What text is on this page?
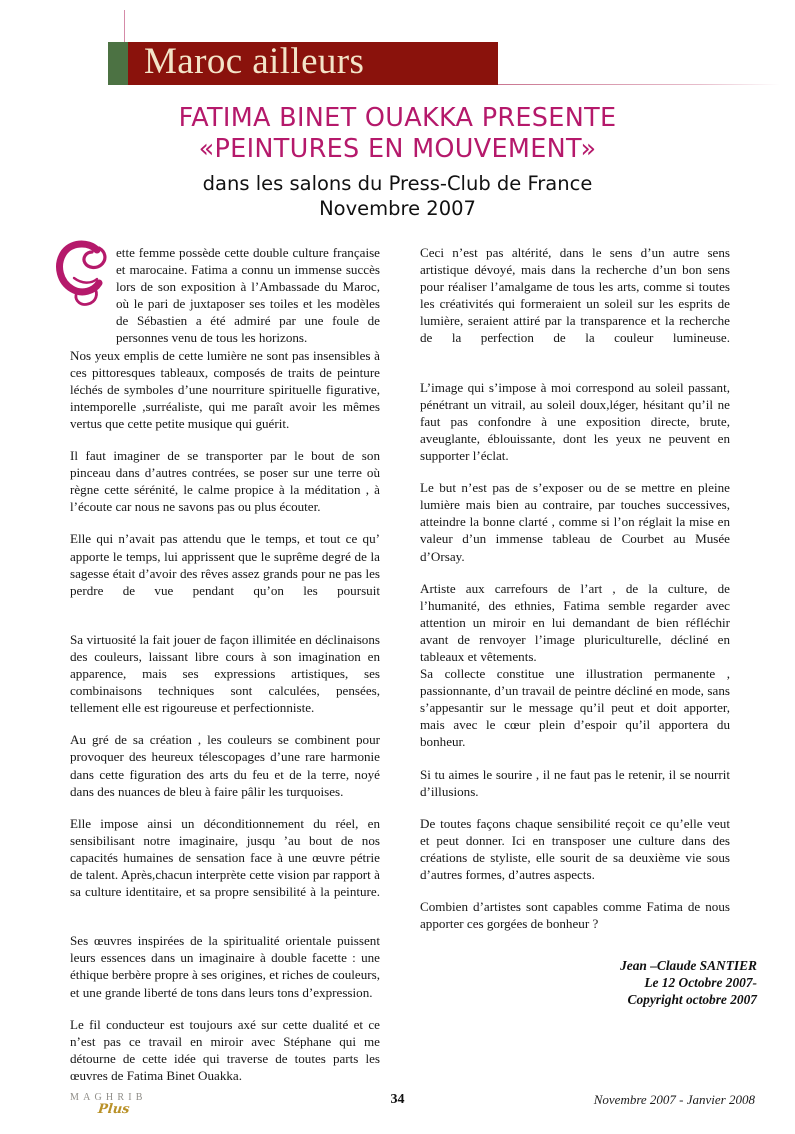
Maroc ailleurs
FATIMA BINET OUAKKA PRESENTE
«PEINTURES EN MOUVEMENT»
dans les salons du Press-Club de France
Novembre 2007
ette femme possède cette double culture française et marocaine. Fatima a connu un immense succès lors de son exposition à l’Ambassade du Maroc, où le pari de juxtaposer ses toiles et les modèles de Sébastien a été admiré par une foule de personnes venu de tous les horizons.

Nos yeux emplis de cette lumière ne sont pas insensibles à ces pittoresques tableaux, composés de traits de peinture léchés de symboles d’une nourriture spirituelle figurative, intemporelle ,surréaliste, qui me paraît avoir les mêmes vertus que cette petite musique qui guérit.

Il faut imaginer de se transporter par le bout de son pinceau dans d’autres contrées, se poser sur une terre où règne cette sérénité, le calme propice à la méditation , à l’écoute car nous ne savons pas ou plus écouter.

Elle qui n’avait pas attendu que le temps, et tout ce qu’ apporte le temps, lui apprissent que le suprême degré de la sagesse était d’avoir des rêves assez grands pour ne pas les perdre de vue pendant qu’on les poursuit

Sa virtuosité la fait jouer de façon illimitée en déclinaisons des couleurs, laissant libre cours à son imagination en apparence, mais ses expressions artistiques, ses combinaisons techniques sont calculées, pensées, tellement elle est rigoureuse et perfectionniste.

Au gré de sa création , les couleurs se combinent pour provoquer des heureux télescopages d’une rare harmonie dans cette figuration des arts du feu et de la terre, noyé dans des nuances de bleu à faire pâlir les turquoises.

Elle impose ainsi un déconditionnement du réel, en sensibilisant notre imaginaire, jusqu ’au bout de nos capacités humaines de sensation face à une œuvre pétrie de talent. Après,chacun interprète cette vision par rapport à sa culture identitaire, et sa propre sensibilité à la peinture.

Ses œuvres inspirées de la spiritualité orientale puissent leurs essences dans un imaginaire à double facette : une éthique berbère propre à ses origines, et riches de couleurs, et une grande liberté de tons dans leurs tons d’expression.

Le fil conducteur est toujours axé sur cette dualité et ce n’est pas ce travail en miroir avec Stéphane qui me détourne de cette idée qui traverse de toutes parts les œuvres de Fatima Binet Ouakka.

Ceci n’est pas altérité, dans le sens d’un autre sens artistique dévoyé, mais dans la recherche d’un bon sens pour réaliser l’amalgame de tous les arts, comme si toutes les créativités qui formeraient un soleil sur les esprits de lumière, seraient attiré par la transparence et la recherche de la perfection de la couleur lumineuse.

L’image qui s’impose à moi correspond au soleil passant, pénétrant un vitrail, au soleil doux,léger, hésitant qu’il ne faut pas confondre à une exposition directe, brute, aveuglante, éblouissante, dont les yeux ne peuvent en supporter l’éclat.

Le but n’est pas de s’exposer ou de se mettre en pleine lumière mais bien au contraire, par touches successives, atteindre la bonne clarté , comme si l’on réglait la mise en valeur d’un immense tableau de Courbet au Musée d’Orsay.

Artiste aux carrefours de l’art , de la culture, de l’humanité, des ethnies, Fatima semble regarder avec attention un miroir en lui demandant de bien réfléchir avant de renvoyer l’image pluriculturelle, décliné en tableaux et vêtements.

Sa collecte constitue une illustration permanente , passionnante, d’un travail de peintre décliné en mode, sans s’appesantir sur le message qu’il peut et doit apporter, mais avec le cœur plein d’espoir qu’il apportera du bonheur.

Si tu aimes le sourire , il ne faut pas le retenir, il se nourrit d’illusions.

De toutes façons chaque sensibilité reçoit ce qu’elle veut et peut donner. Ici en transposer une culture dans des créations de styliste, elle sourit de sa deuxième vie sous d’autres formes, d’autres aspects.

Combien d’artistes sont capables comme Fatima de nous apporter ces gorgées de bonheur ?

Jean –Claude SANTIER
Le 12 Octobre 2007-
Copyright octobre 2007
MAGHRIB
Plus
34	Novembre 2007 - Janvier 2008
